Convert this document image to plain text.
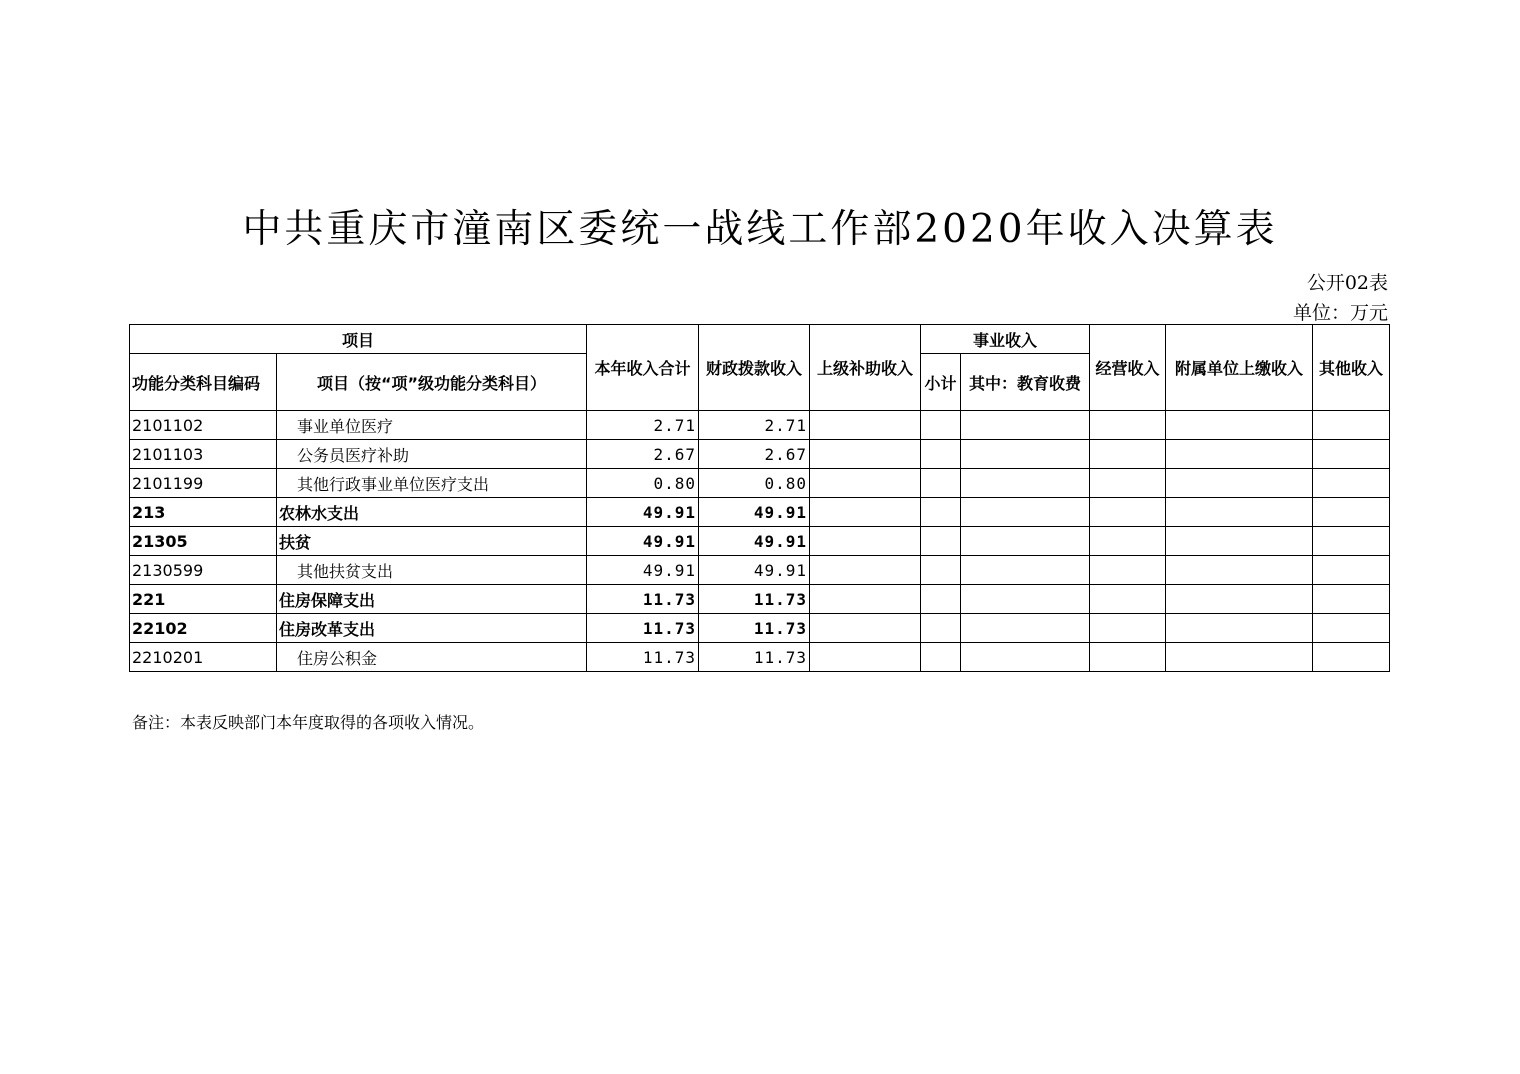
中共重庆市潼南区委统一战线工作部2020年收入决算表
公开02表
单位：万元
项目		本年收入合计	财政拨款收入	上级补助收入	事业收入		经营收入	附属单位上缴收入	其他收入
功能分类科目编码	项目（按“项”级功能分类科目）								
					小计	其中：教育收费			
2101102	事业单位医疗	2.71	2.71						
2101103	公务员医疗补助	2.67	2.67						
2101199	其他行政事业单位医疗支出	0.80	0.80						
213	农林水支出	49.91	49.91						
21305	扶贫	49.91	49.91						
2130599	其他扶贫支出	49.91	49.91						
221	住房保障支出	11.73	11.73						
22102	住房改革支出	11.73	11.73						
2210201	住房公积金	11.73	11.73						
备注：本表反映部门本年度取得的各项收入情况。
